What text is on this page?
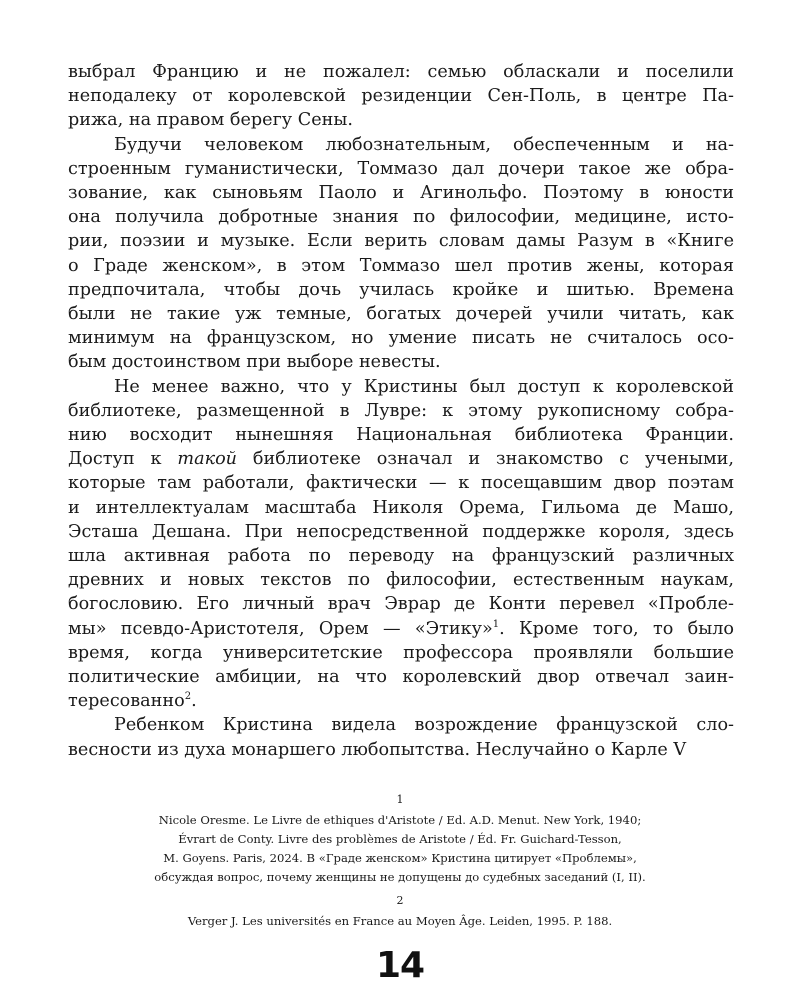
выбрал Францию и не пожалел: семью обласкали и поселили
неподалеку от королевской резиденции Сен-Поль, в центре Па-
рижа, на правом берегу Сены.
Будучи человеком любознательным, обеспеченным и на-
строенным гуманистически, Томмазо дал дочери такое же обра-
зование, как сыновьям Паоло и Агинольфо. Поэтому в юности
она получила добротные знания по философии, медицине, исто-
рии, поэзии и музыке. Если верить словам дамы Разум в «Книге
о Граде женском», в этом Томмазо шел против жены, которая
предпочитала, чтобы дочь училась кройке и шитью. Времена
были не такие уж темные, богатых дочерей учили читать, как
минимум на французском, но умение писать не считалось осо-
бым достоинством при выборе невесты.
Не менее важно, что у Кристины был доступ к королевской
библиотеке, размещенной в Лувре: к этому рукописному собра-
нию восходит нынешняя Национальная библиотека Франции.
Доступ к такой библиотеке означал и знакомство с учеными,
которые там работали, фактически — к посещавшим двор поэтам
и интеллектуалам масштаба Николя Орема, Гильома де Машо,
Эсташа Дешана. При непосредственной поддержке короля, здесь
шла активная работа по переводу на французский различных
древних и новых текстов по философии, естественным наукам,
богословию. Его личный врач Эврар де Конти перевел «Пробле-
мы» псевдо-Аристотеля, Орем — «Этику»$^1$. Кроме того, то было
время, когда университетские профессора проявляли большие
политические амбиции, на что королевский двор отвечал заин-
тересованно$^2$.
Ребенком Кристина видела возрождение французской сло-
весности из духа монаршего любопытства. Неслучайно о Карле V
1
Nicole Oresme. Le Livre de ethiques d'Aristote / Ed. A.D. Menut. New York, 1940;
Évrart de Conty. Livre des problèmes de Aristote / Éd. Fr. Guichard-Tesson,
M. Goyens. Paris, 2024. В «Граде женском» Кристина цитирует «Проблемы»,
обсуждая вопрос, почему женщины не допущены до судебных заседаний (I, II).
2
Verger J. Les universités en France au Moyen Âge. Leiden, 1995. P. 188.
14
